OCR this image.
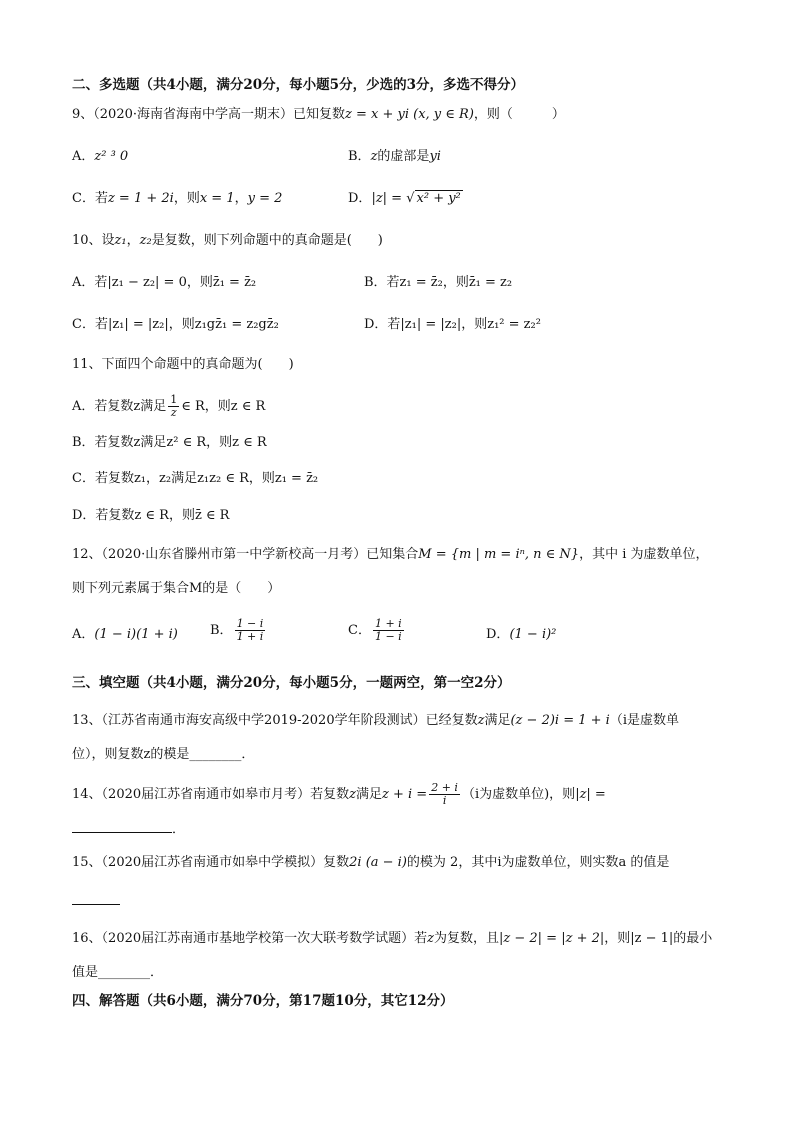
二、多选题（共4小题，满分20分，每小题5分，少选的3分，多选不得分）
9、（2020·海南省海南中学高一期末）已知复数z = x + yi (x, y ∈ R)，则（　　　）
A．z² ³ 0	B．z的虚部是yi
C．若z = 1 + 2i，则x = 1，y = 2	D．|z| = √ x² + y²
10、设z₁，z₂是复数，则下列命题中的真命题是(　　)
A．若|z₁ − z₂| = 0，则z̄₁ = z̄₂	B．若z₁ = z̄₂，则z̄₁ = z₂
C．若|z₁| = |z₂|，则z₁gz̄₁ = z₂gz̄₂	D．若|z₁| = |z₂|，则z₁² = z₂²
11、下面四个命题中的真命题为(　　)
A．若复数z满足 $\frac{1}{z}$ ∈ R，则z ∈ R
B．若复数z满足z² ∈ R，则z ∈ R
C．若复数z₁，z₂满足z₁z₂ ∈ R，则z₁ = z̄₂
D．若复数z ∈ R，则z̄ ∈ R
12、（2020·山东省滕州市第一中学新校高一月考）已知集合M = {m | m = iⁿ, n ∈ N}，其中 i 为虚数单位，
则下列元素属于集合M的是（　　）
A．(1 − i)(1 + i) B． $\frac{1 - i}{1 + i}$	C． $\frac{1 + i}{1 - i}$	D．(1 − i)²
三、填空题（共4小题，满分20分，每小题5分，一题两空，第一空2分）
13、（江苏省南通市海安高级中学2019-2020学年阶段测试）已经复数z满足(z − 2)i = 1 + i（i是虚数单
位），则复数z的模是________．
14、（2020届江苏省南通市如皋市月考）若复数z满足$z + i = \frac{2 + i}{i} (i$为虚数单位)，则|z| =
．
15、（2020届江苏省南通市如皋中学模拟）复数2i (a − i)的模为 2，其中i为虚数单位，则实数a 的值是
16、（2020届江苏南通市基地学校第一次大联考数学试题）若z为复数，且|z − 2| = |z + 2|，则|z − 1|的最小
值是________．
四、解答题（共6小题，满分70分，第17题10分，其它12分）
